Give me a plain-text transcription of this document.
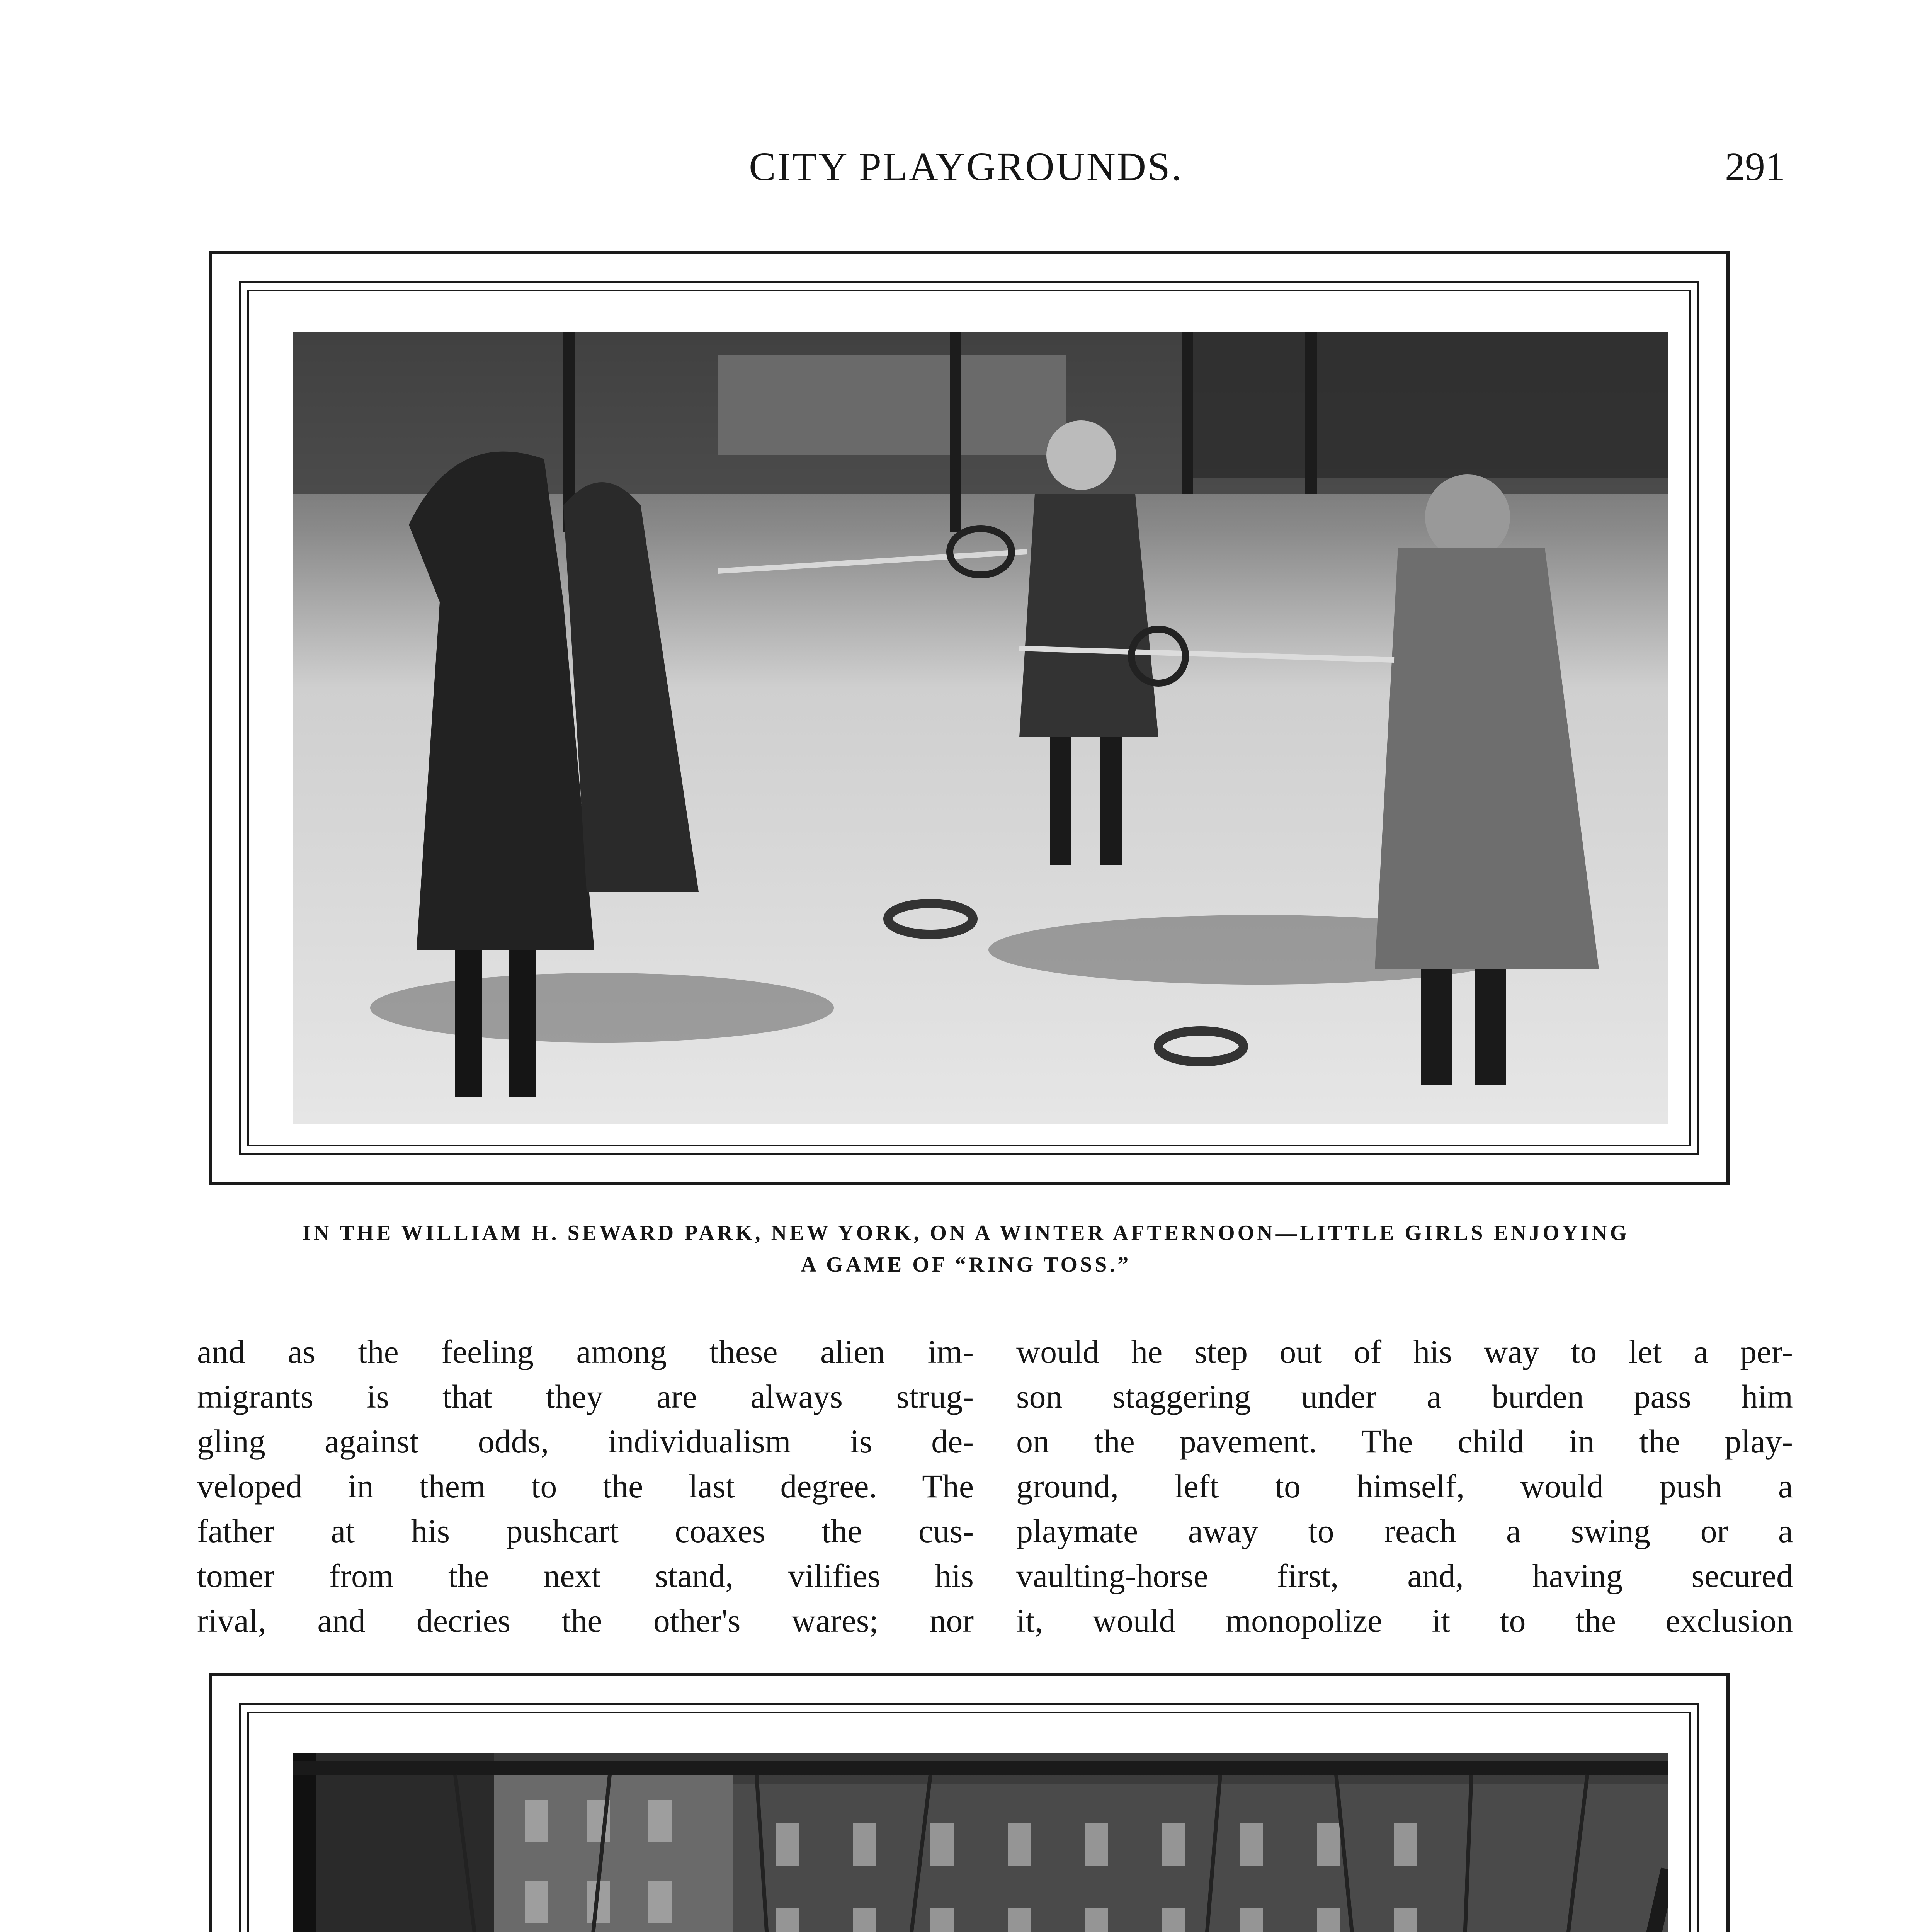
CITY PLAYGROUNDS.	291
IN THE WILLIAM H. SEWARD PARK, NEW YORK, ON A WINTER AFTERNOON—LITTLE GIRLS ENJOYING
A GAME OF “RING TOSS.”
and as the feeling among these alien im-
migrants is that they are always strug-
gling against odds, individualism is de-
veloped in them to the last degree. The
father at his pushcart coaxes the cus-
tomer from the next stand, vilifies his
rival, and decries the other's wares; nor
would he step out of his way to let a per-
son staggering under a burden pass him
on the pavement. The child in the play-
ground, left to himself, would push a
playmate away to reach a swing or a
vaulting-horse first, and, having secured
it, would monopolize it to the exclusion
